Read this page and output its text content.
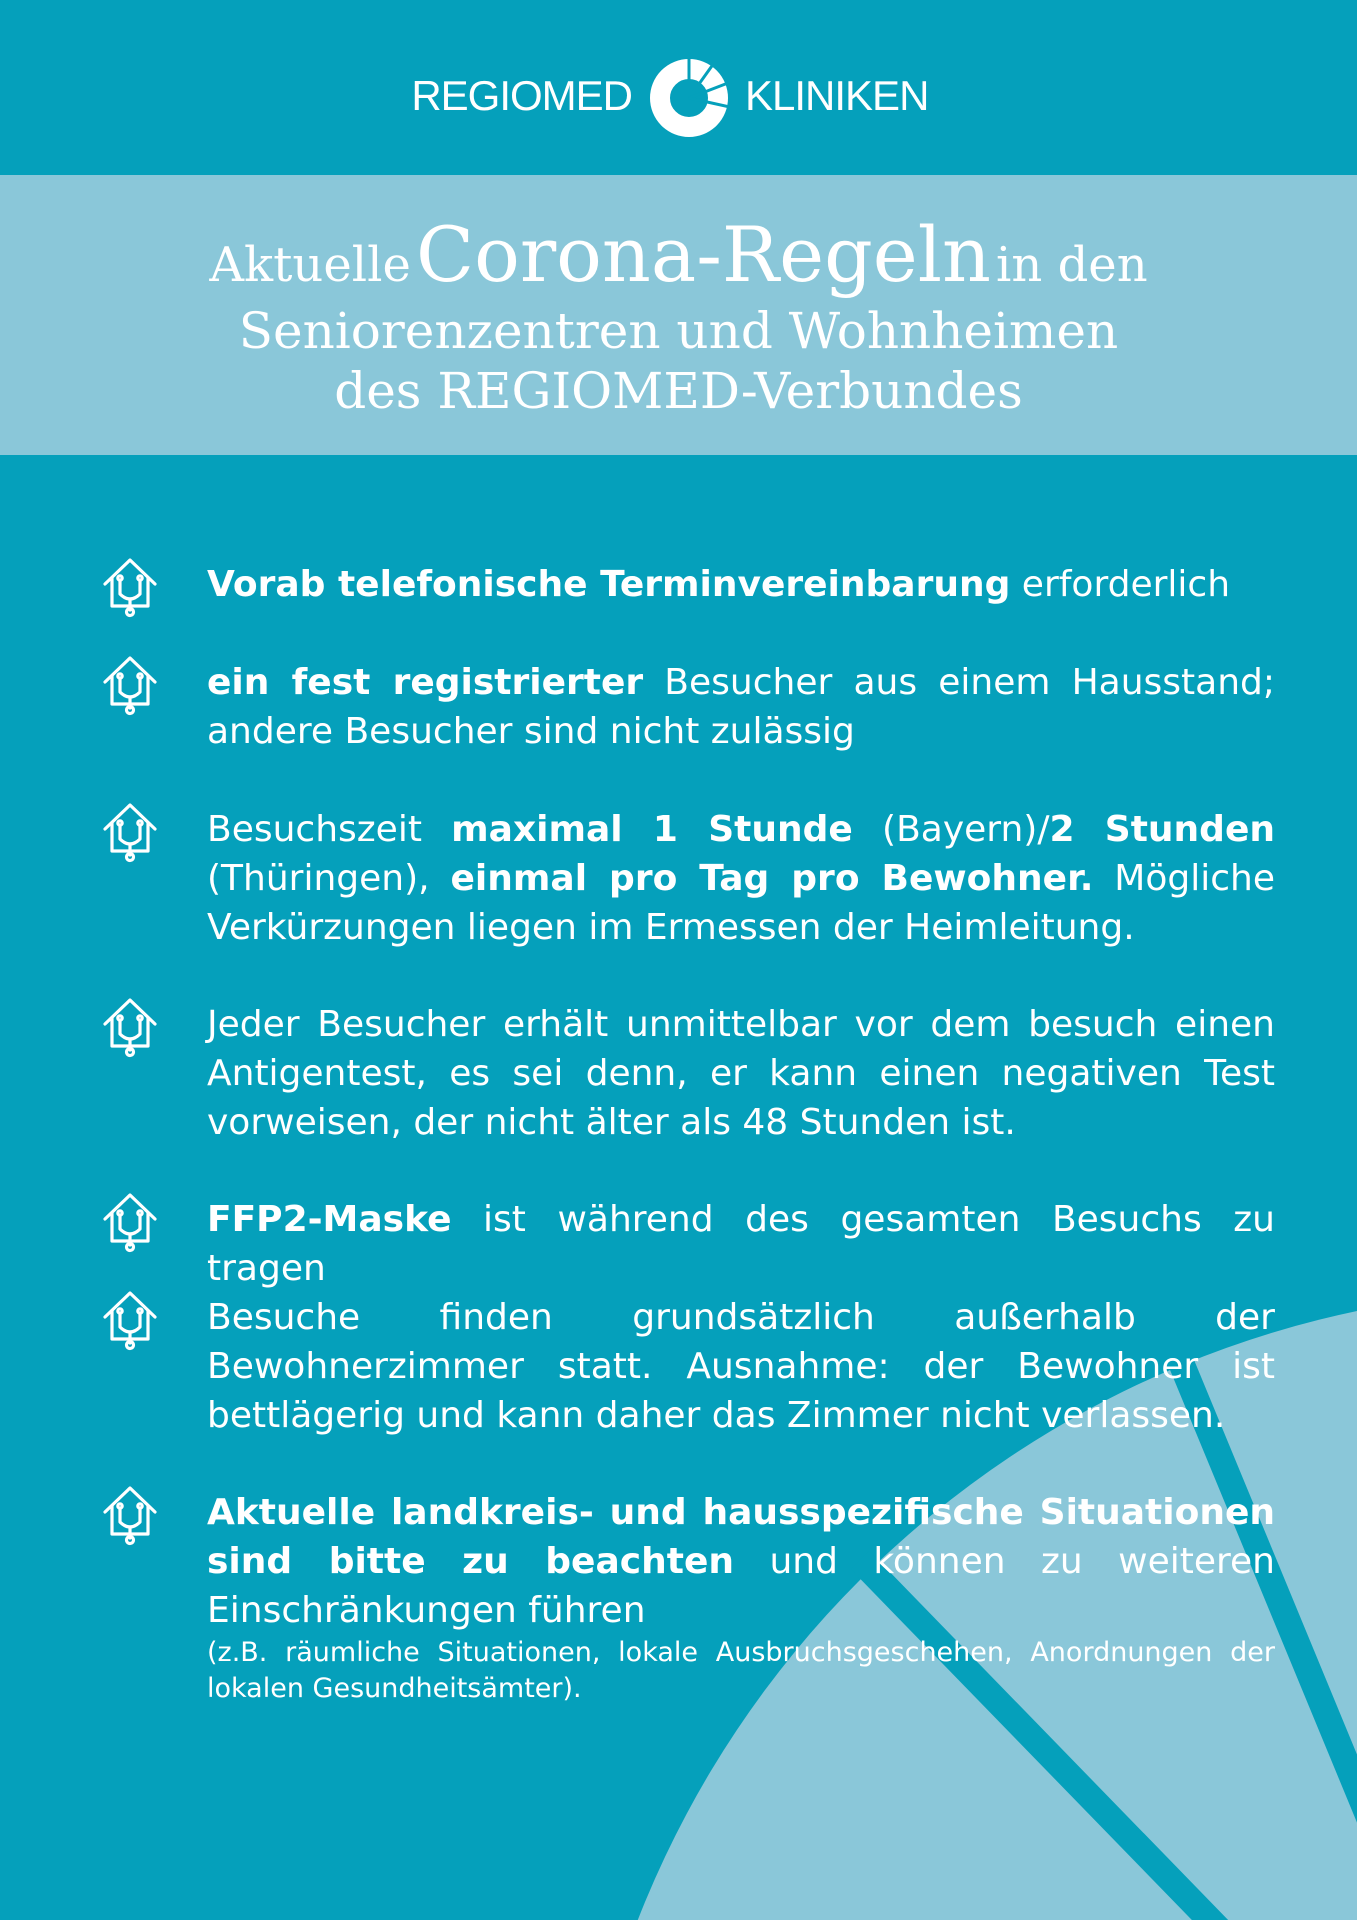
REGIOMED	KLINIKEN
Aktuelle Corona-Regeln in den
Seniorenzentren und Wohnheimen
des REGIOMED-Verbundes
Vorab telefonische Terminvereinbarung erforderlich
ein fest registrierter Besucher aus einem Hausstand; andere Besucher sind nicht zulässig
Besuchszeit maximal 1 Stunde (Bayern)/2 Stunden (Thüringen), einmal pro Tag pro Bewohner. Mögliche Verkürzungen liegen im Ermessen der Heimleitung.
Jeder Besucher erhält unmittelbar vor dem besuch einen Antigentest, es sei denn, er kann einen negativen Test vorweisen, der nicht älter als 48 Stunden ist.
FFP2-Maske ist während des gesamten Besuchs zu tragen
Besuche finden grundsätzlich außerhalb der Bewohnerzimmer statt. Ausnahme: der Bewohner ist bettlägerig und kann daher das Zimmer nicht verlassen.
Aktuelle landkreis- und hausspezifische Situationen sind bitte zu beachten und können zu weiteren Einschränkungen führen
(z.B. räumliche Situationen, lokale Ausbruchsgeschehen, Anordnungen der lokalen Gesundheitsämter).
